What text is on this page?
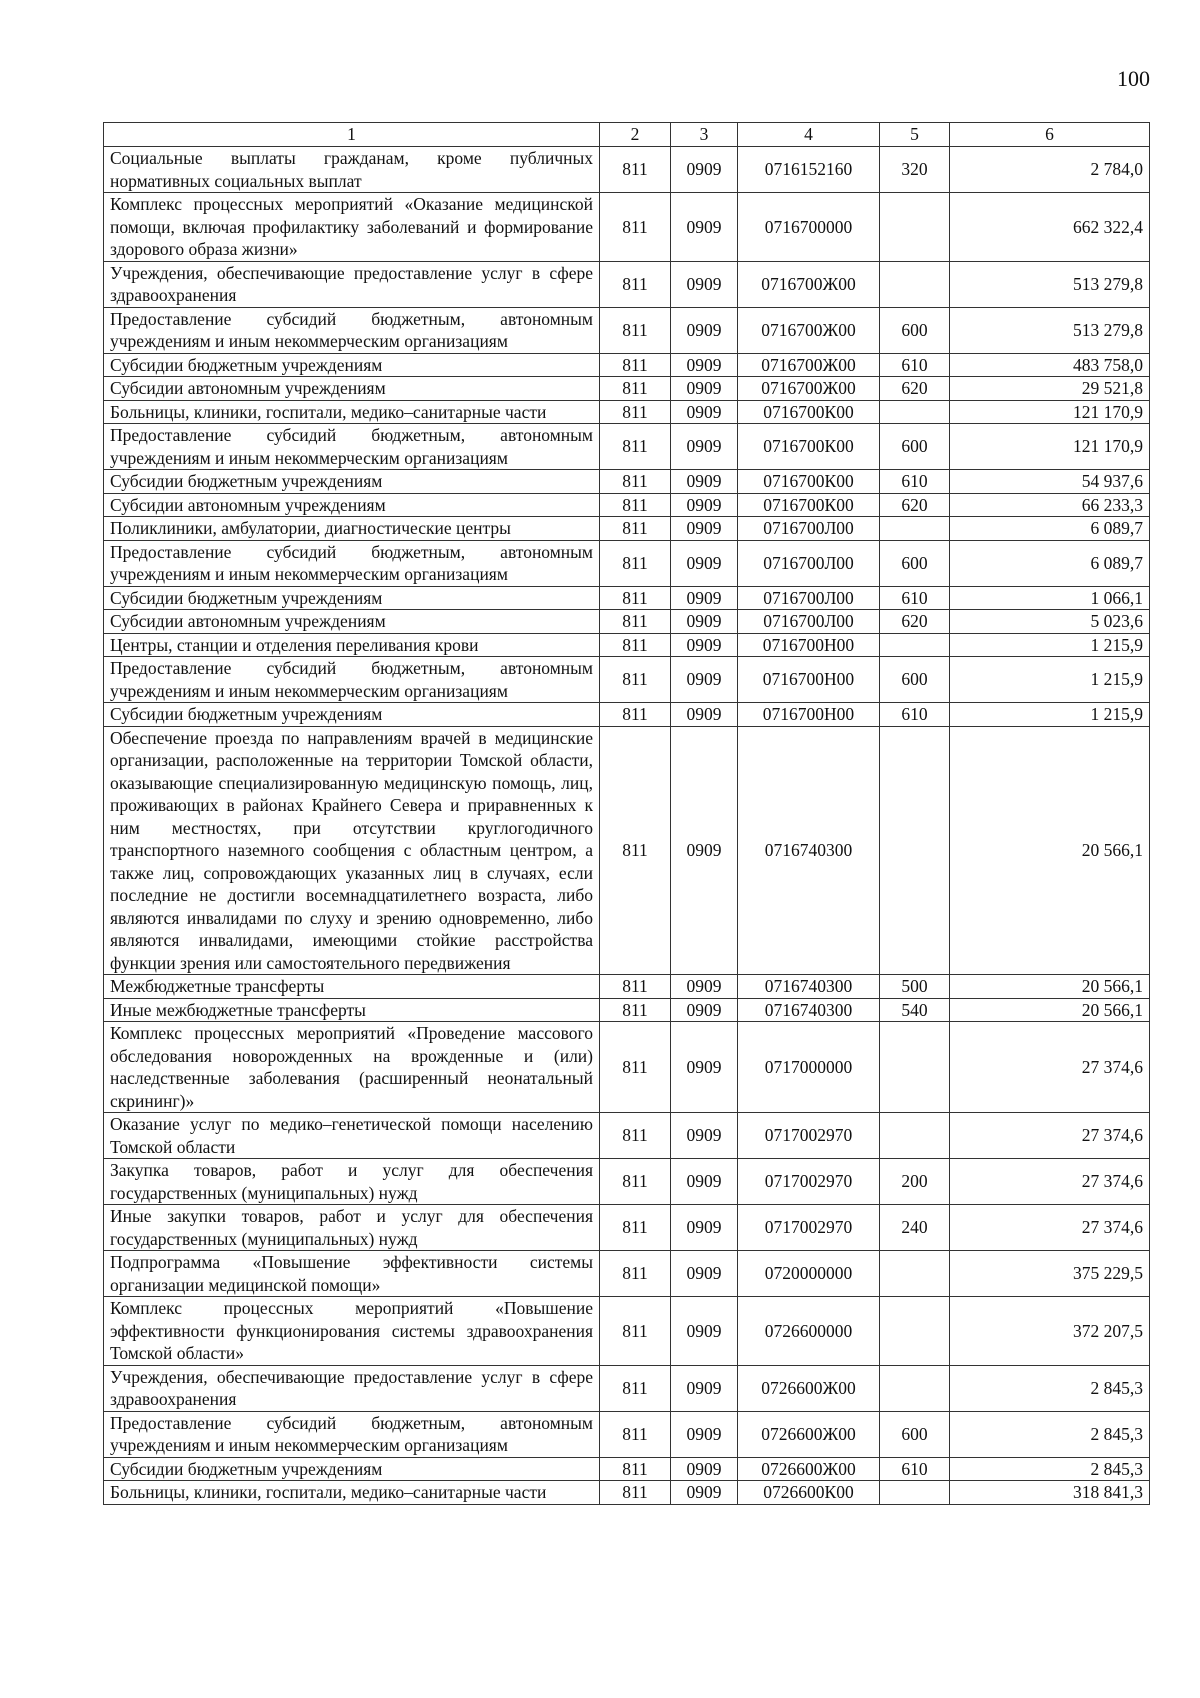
100
1	2	3	4	5	6
Социальные выплаты гражданам, кроме публичных нормативных социальных выплат	811	0909	0716152160	320	2 784,0
Комплекс процессных мероприятий «Оказание медицинской помощи, включая профилактику заболеваний и формирование здорового образа жизни»	811	0909	0716700000		662 322,4
Учреждения, обеспечивающие предоставление услуг в сфере здравоохранения	811	0909	0716700Ж00		513 279,8
Предоставление субсидий бюджетным, автономным учреждениям и иным некоммерческим организациям	811	0909	0716700Ж00	600	513 279,8
Субсидии бюджетным учреждениям	811	0909	0716700Ж00	610	483 758,0
Субсидии автономным учреждениям	811	0909	0716700Ж00	620	29 521,8
Больницы, клиники, госпитали, медико–санитарные части	811	0909	0716700К00		121 170,9
Предоставление субсидий бюджетным, автономным учреждениям и иным некоммерческим организациям	811	0909	0716700К00	600	121 170,9
Субсидии бюджетным учреждениям	811	0909	0716700К00	610	54 937,6
Субсидии автономным учреждениям	811	0909	0716700К00	620	66 233,3
Поликлиники, амбулатории, диагностические центры	811	0909	0716700Л00		6 089,7
Предоставление субсидий бюджетным, автономным учреждениям и иным некоммерческим организациям	811	0909	0716700Л00	600	6 089,7
Субсидии бюджетным учреждениям	811	0909	0716700Л00	610	1 066,1
Субсидии автономным учреждениям	811	0909	0716700Л00	620	5 023,6
Центры, станции и отделения переливания крови	811	0909	0716700Н00		1 215,9
Предоставление субсидий бюджетным, автономным учреждениям и иным некоммерческим организациям	811	0909	0716700Н00	600	1 215,9
Субсидии бюджетным учреждениям	811	0909	0716700Н00	610	1 215,9
Обеспечение проезда по направлениям врачей в медицинские организации, расположенные на территории Томской области, оказывающие специализированную медицинскую помощь, лиц, проживающих в районах Крайнего Севера и приравненных к ним местностях, при отсутствии круглогодичного транспортного наземного сообщения с областным центром, а также лиц, сопровождающих указанных лиц в случаях, если последние не достигли восемнадцатилетнего возраста, либо являются инвалидами по слуху и зрению одновременно, либо являются инвалидами, имеющими стойкие расстройства функции зрения или самостоятельного передвижения	811	0909	0716740300		20 566,1
Межбюджетные трансферты	811	0909	0716740300	500	20 566,1
Иные межбюджетные трансферты	811	0909	0716740300	540	20 566,1
Комплекс процессных мероприятий «Проведение массового обследования новорожденных на врожденные и (или) наследственные заболевания (расширенный неонатальный скрининг)»	811	0909	0717000000		27 374,6
Оказание услуг по медико–генетической помощи населению Томской области	811	0909	0717002970		27 374,6
Закупка товаров, работ и услуг для обеспечения государственных (муниципальных) нужд	811	0909	0717002970	200	27 374,6
Иные закупки товаров, работ и услуг для обеспечения государственных (муниципальных) нужд	811	0909	0717002970	240	27 374,6
Подпрограмма «Повышение эффективности системы организации медицинской помощи»	811	0909	0720000000		375 229,5
Комплекс процессных мероприятий «Повышение эффективности функционирования системы здравоохранения Томской области»	811	0909	0726600000		372 207,5
Учреждения, обеспечивающие предоставление услуг в сфере здравоохранения	811	0909	0726600Ж00		2 845,3
Предоставление субсидий бюджетным, автономным учреждениям и иным некоммерческим организациям	811	0909	0726600Ж00	600	2 845,3
Субсидии бюджетным учреждениям	811	0909	0726600Ж00	610	2 845,3
Больницы, клиники, госпитали, медико–санитарные части	811	0909	0726600К00		318 841,3
